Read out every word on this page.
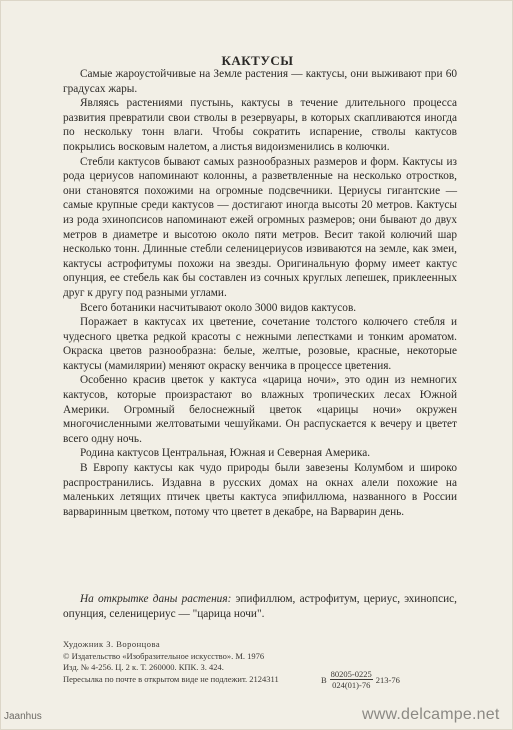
КАКТУСЫ

Самые жароустойчивые на Земле растения — кактусы, они выживают при 60 градусах жары.

Являясь растениями пустынь, кактусы в течение длительного процесса развития превратили свои стволы в резервуары, в которых скапливаются иногда по нескольку тонн влаги. Чтобы сократить испарение, стволы кактусов покрылись восковым налетом, а листья видоизменились в колючки.

Стебли кактусов бывают самых разнообразных размеров и форм. Кактусы из рода цериусов напоминают колонны, а разветвленные на несколько отростков, они становятся похожими на огромные подсвечники. Цериусы гигантские — самые крупные среди кактусов — достигают иногда высоты 20 метров. Кактусы из рода эхинопсисов напоминают ежей огромных размеров; они бывают до двух метров в диаметре и высотою около пяти метров. Весит такой колючий шар несколько тонн. Длинные стебли селеницериусов извиваются на земле, как змеи, кактусы астрофитумы похожи на звезды. Оригинальную форму имеет кактус опунция, ее стебель как бы составлен из сочных круглых лепешек, приклеенных друг к другу под разными углами.

Всего ботаники насчитывают около 3000 видов кактусов.

Поражает в кактусах их цветение, сочетание толстого колючего стебля и чудесного цветка редкой красоты с нежными лепестками и тонким ароматом. Окраска цветов разнообразна: белые, желтые, розовые, красные, некоторые кактусы (мамилярии) меняют окраску венчика в процессе цветения.

Особенно красив цветок у кактуса «царица ночи», это один из немногих кактусов, которые произрастают во влажных тропических лесах Южной Америки. Огромный белоснежный цветок «царицы ночи» окружен многочисленными желтоватыми чешуйками. Он распускается к вечеру и цветет всего одну ночь.

Родина кактусов Центральная, Южная и Северная Америка.

В Европу кактусы как чудо природы были завезены Колумбом и широко распространились. Издавна в русских домах на окнах алели похожие на маленьких летящих птичек цветы кактуса эпифиллюма, названного в России варваринным цветком, потому что цветет в декабре, на Варварин день.

На открытке даны растения: эпифиллюм, астрофитум, цериус, эхинопсис, опунция, селеницериус — "царица ночи".

Художник З. Воронцова
© Издательство «Изобразительное искусство». М. 1976
Изд. № 4-256. Ц. 2 к. Т. 260000. КПК. З. 424.
Пересылка по почте в открытом виде не подлежит. 2124311	В $\frac{80205-0225}{024(01)-76} 213-76$
Jaanhus	www.delcampe.net
